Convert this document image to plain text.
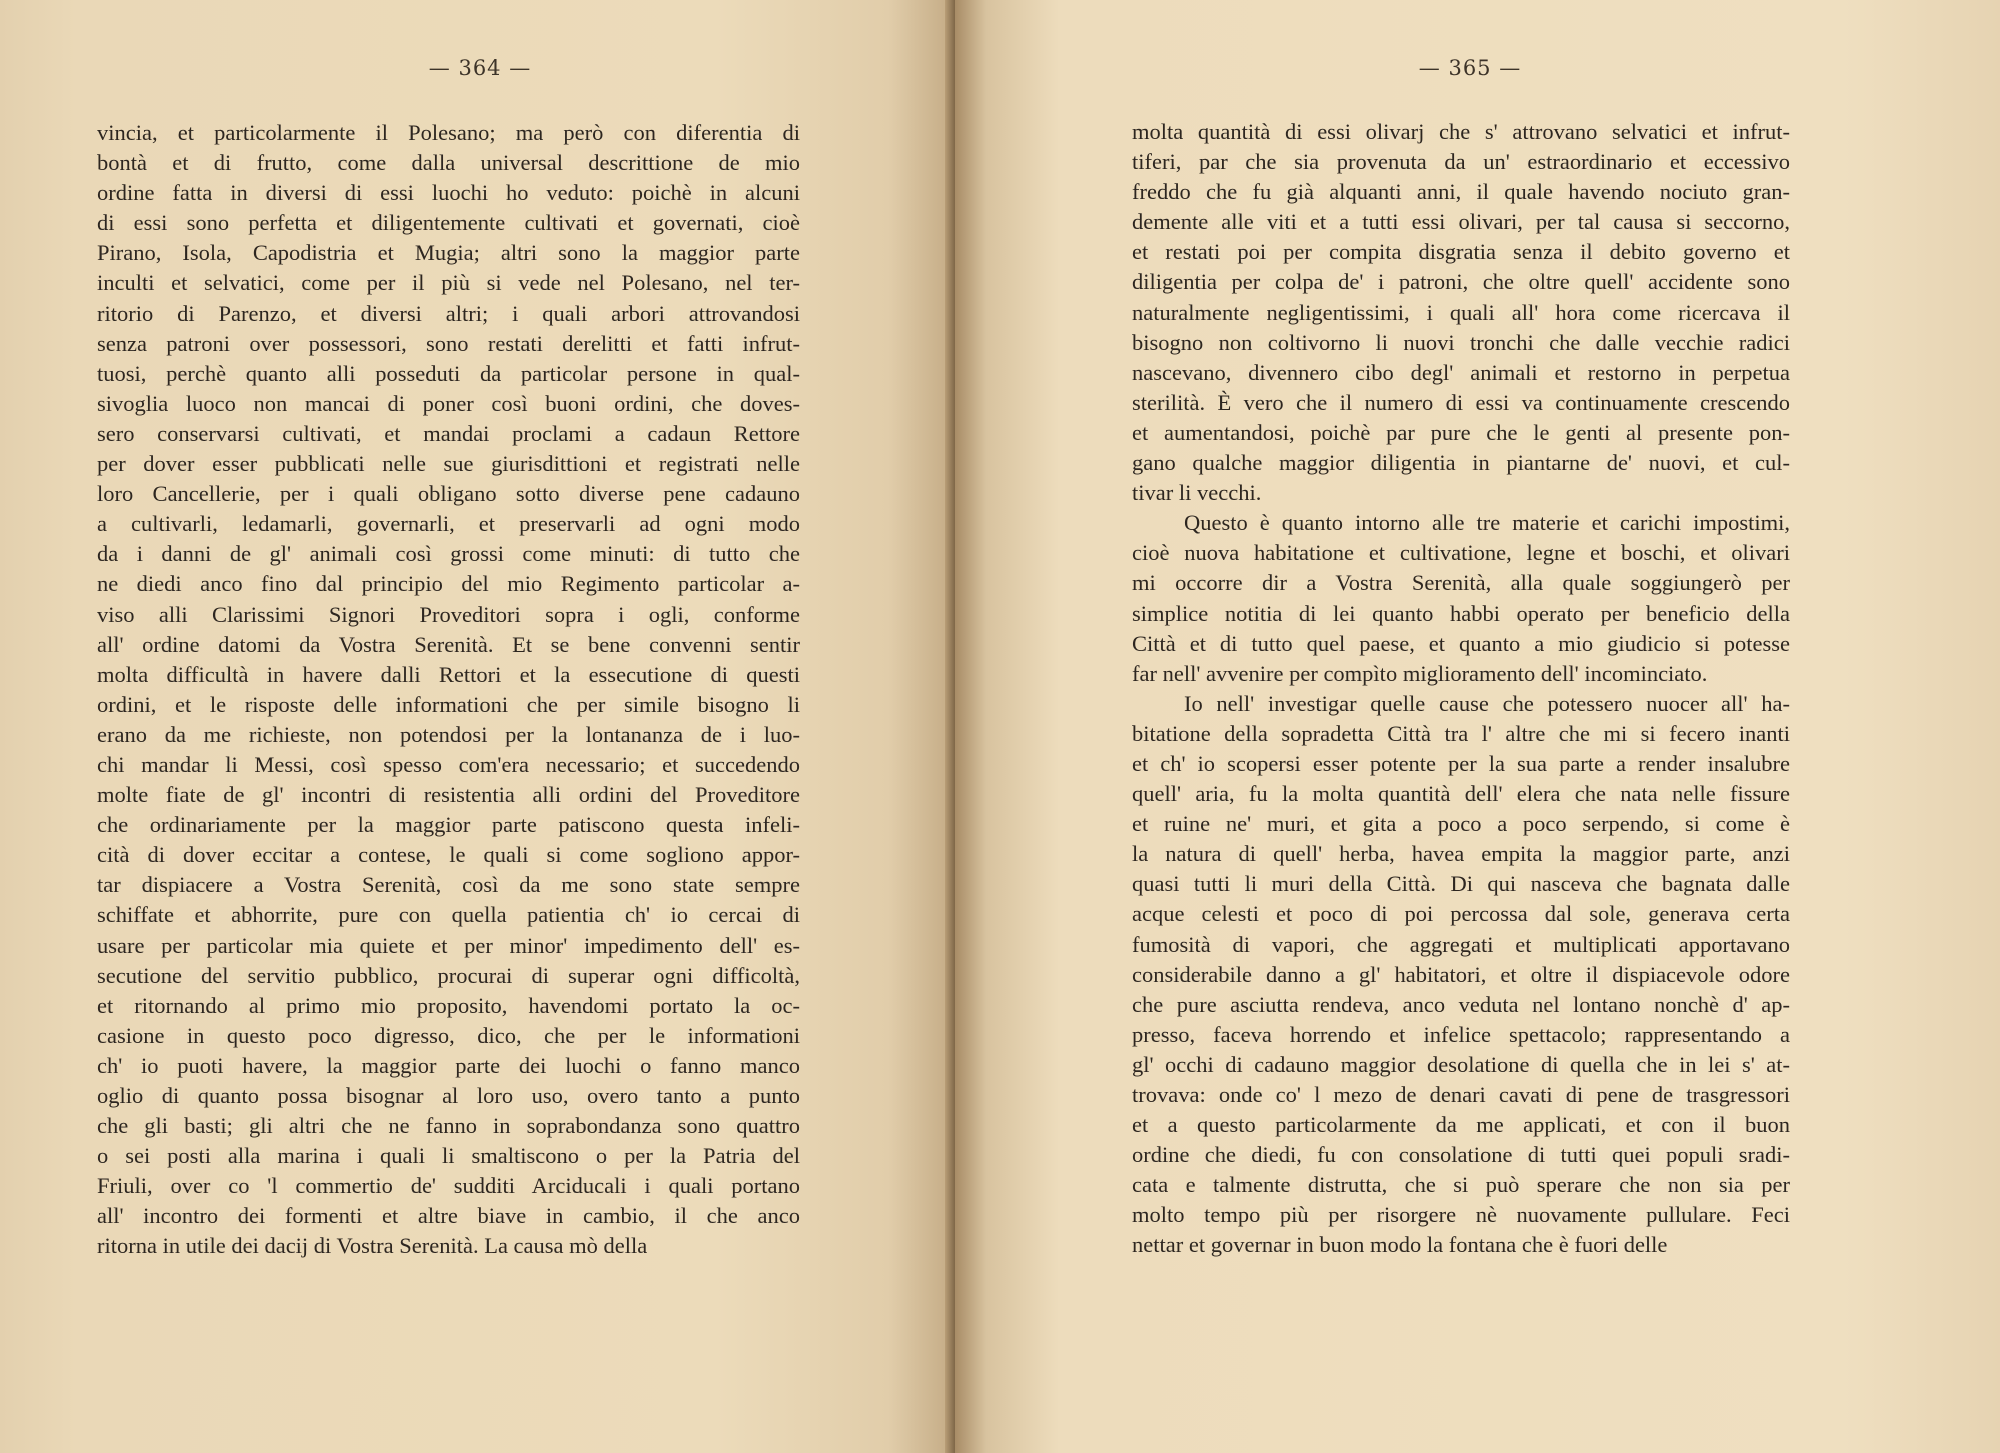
— 364 —
vincia, et particolarmente il Polesano; ma però con diferentia di
bontà et di frutto, come dalla universal descrittione de mio
ordine fatta in diversi di essi luochi ho veduto: poichè in alcuni
di essi sono perfetta et diligentemente cultivati et governati, cioè
Pirano, Isola, Capodistria et Mugia; altri sono la maggior parte
inculti et selvatici, come per il più si vede nel Polesano, nel ter-
ritorio di Parenzo, et diversi altri; i quali arbori attrovandosi
senza patroni over possessori, sono restati derelitti et fatti infrut-
tuosi, perchè quanto alli posseduti da particolar persone in qual-
sivoglia luoco non mancai di poner così buoni ordini, che doves-
sero conservarsi cultivati, et mandai proclami a cadaun Rettore
per dover esser pubblicati nelle sue giurisdittioni et registrati nelle
loro Cancellerie, per i quali obligano sotto diverse pene cadauno
a cultivarli, ledamarli, governarli, et preservarli ad ogni modo
da i danni de gl' animali così grossi come minuti: di tutto che
ne diedi anco fino dal principio del mio Regimento particolar a-
viso alli Clarissimi Signori Proveditori sopra i ogli, conforme
all' ordine datomi da Vostra Serenità. Et se bene convenni sentir
molta difficultà in havere dalli Rettori et la essecutione di questi
ordini, et le risposte delle informationi che per simile bisogno li
erano da me richieste, non potendosi per la lontananza de i luo-
chi mandar li Messi, così spesso com'era necessario; et succedendo
molte fiate de gl' incontri di resistentia alli ordini del Proveditore
che ordinariamente per la maggior parte patiscono questa infeli-
cità di dover eccitar a contese, le quali si come sogliono appor-
tar dispiacere a Vostra Serenità, così da me sono state sempre
schiffate et abhorrite, pure con quella patientia ch' io cercai di
usare per particolar mia quiete et per minor' impedimento dell' es-
secutione del servitio pubblico, procurai di superar ogni difficoltà,
et ritornando al primo mio proposito, havendomi portato la oc-
casione in questo poco digresso, dico, che per le informationi
ch' io puoti havere, la maggior parte dei luochi o fanno manco
oglio di quanto possa bisognar al loro uso, overo tanto a punto
che gli basti; gli altri che ne fanno in soprabondanza sono quattro
o sei posti alla marina i quali li smaltiscono o per la Patria del
Friuli, over co 'l commertio de' sudditi Arciducali i quali portano
all' incontro dei formenti et altre biave in cambio, il che anco
ritorna in utile dei dacij di Vostra Serenità. La causa mò della
— 365 —
molta quantità di essi olivarj che s' attrovano selvatici et infrut-
tiferi, par che sia provenuta da un' estraordinario et eccessivo
freddo che fu già alquanti anni, il quale havendo nociuto gran-
demente alle viti et a tutti essi olivari, per tal causa si seccorno,
et restati poi per compita disgratia senza il debito governo et
diligentia per colpa de' i patroni, che oltre quell' accidente sono
naturalmente negligentissimi, i quali all' hora come ricercava il
bisogno non coltivorno li nuovi tronchi che dalle vecchie radici
nascevano, divennero cibo degl' animali et restorno in perpetua
sterilità. È vero che il numero di essi va continuamente crescendo
et aumentandosi, poichè par pure che le genti al presente pon-
gano qualche maggior diligentia in piantarne de' nuovi, et cul-
tivar li vecchi.
Questo è quanto intorno alle tre materie et carichi impostimi,
cioè nuova habitatione et cultivatione, legne et boschi, et olivari
mi occorre dir a Vostra Serenità, alla quale soggiungerò per
simplice notitia di lei quanto habbi operato per beneficio della
Città et di tutto quel paese, et quanto a mio giudicio si potesse
far nell' avvenire per compìto miglioramento dell' incominciato.
Io nell' investigar quelle cause che potessero nuocer all' ha-
bitatione della sopradetta Città tra l' altre che mi si fecero inanti
et ch' io scopersi esser potente per la sua parte a render insalubre
quell' aria, fu la molta quantità dell' elera che nata nelle fissure
et ruine ne' muri, et gita a poco a poco serpendo, si come è
la natura di quell' herba, havea empita la maggior parte, anzi
quasi tutti li muri della Città. Di qui nasceva che bagnata dalle
acque celesti et poco di poi percossa dal sole, generava certa
fumosità di vapori, che aggregati et multiplicati apportavano
considerabile danno a gl' habitatori, et oltre il dispiacevole odore
che pure asciutta rendeva, anco veduta nel lontano nonchè d' ap-
presso, faceva horrendo et infelice spettacolo; rappresentando a
gl' occhi di cadauno maggior desolatione di quella che in lei s' at-
trovava: onde co' l mezo de denari cavati di pene de trasgressori
et a questo particolarmente da me applicati, et con il buon
ordine che diedi, fu con consolatione di tutti quei populi sradi-
cata e talmente distrutta, che si può sperare che non sia per
molto tempo più per risorgere nè nuovamente pullulare. Feci
nettar et governar in buon modo la fontana che è fuori delle
